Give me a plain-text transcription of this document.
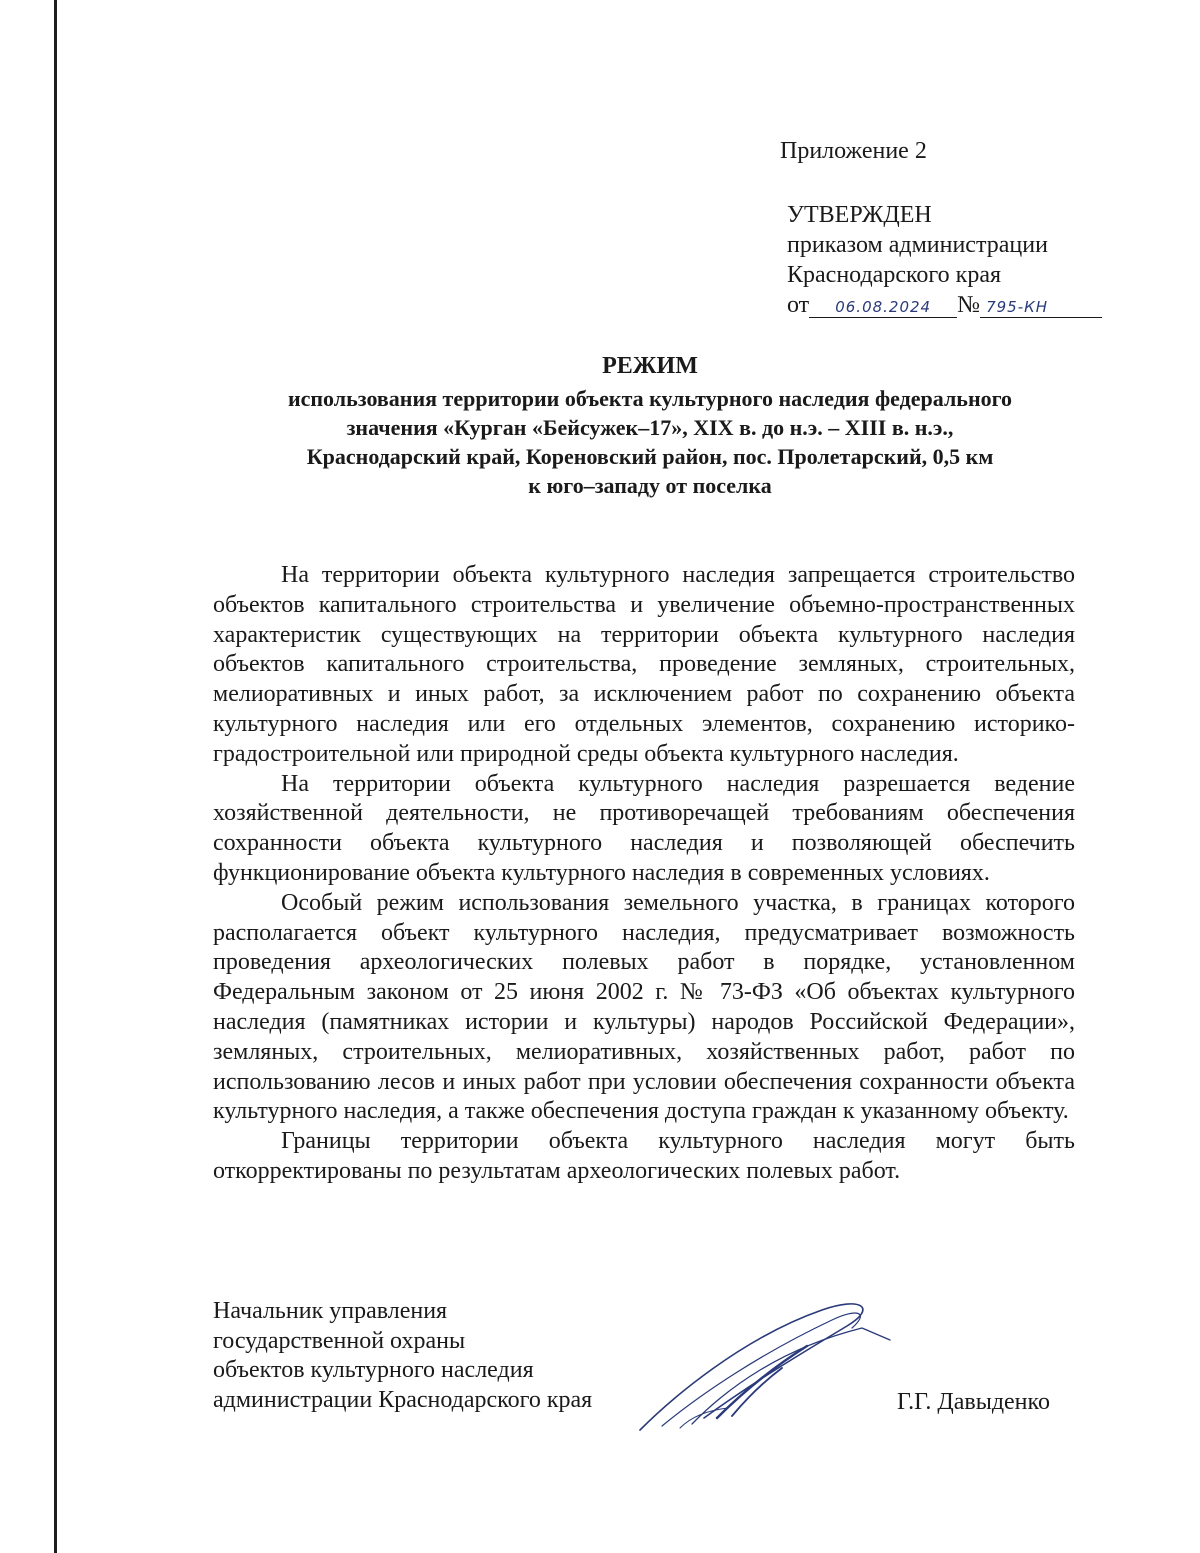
Приложение 2
УТВЕРЖДЕН
приказом администрации
Краснодарского края
от 06.08.2024 № 795-КН
РЕЖИМ
использования территории объекта культурного наследия федерального
значения «Курган «Бейсужек–17», XIX в. до н.э. – XIII в. н.э.,
Краснодарский край, Кореновский район, пос. Пролетарский, 0,5 км
к юго–западу от поселка

На территории объекта культурного наследия запрещается строительство объектов капитального строительства и увеличение объемно-пространственных характеристик существующих на территории объекта культурного наследия объектов капитального строительства, проведение земляных, строительных, мелиоративных и иных работ, за исключением работ по сохранению объекта культурного наследия или его отдельных элементов, сохранению историко-градостроительной или природной среды объекта культурного наследия.

На территории объекта культурного наследия разрешается ведение хозяйственной деятельности, не противоречащей требованиям обеспечения сохранности объекта культурного наследия и позволяющей обеспечить функционирование объекта культурного наследия в современных условиях.

Особый режим использования земельного участка, в границах которого располагается объект культурного наследия, предусматривает возможность проведения археологических полевых работ в порядке, установленном Федеральным законом от 25 июня 2002 г. № 73-ФЗ «Об объектах культурного наследия (памятниках истории и культуры) народов Российской Федерации», земляных, строительных, мелиоративных, хозяйственных работ, работ по использованию лесов и иных работ при условии обеспечения сохранности объекта культурного наследия, а также обеспечения доступа граждан к указанному объекту.

Границы территории объекта культурного наследия могут быть откорректированы по результатам археологических полевых работ.

Начальник управления
государственной охраны
объектов культурного наследия
администрации Краснодарского края	Г.Г. Давыденко
